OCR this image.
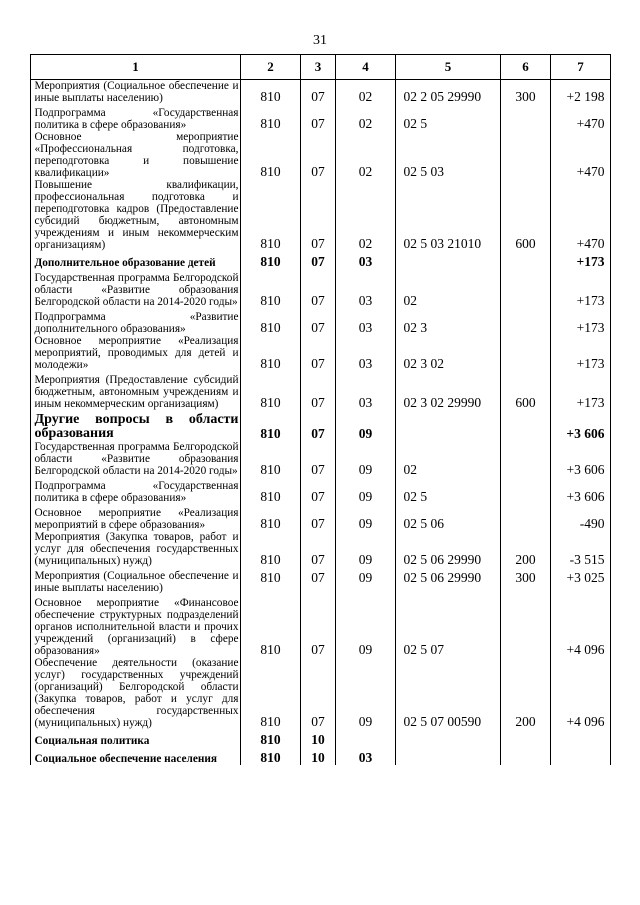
31
1	2	3	4	5	6	7

Мероприятия (Социальное обеспечение и иные выплаты населению)	810	07	02	02 2 05 29990	300	+2 198

Подпрограмма «Государственная политика в сфере образования»	810	07	02	02 5		+470

Основное мероприятие «Профессиональная подготовка, переподготовка и повышение квалификации»	810	07	02	02 5 03		+470

Повышение квалификации, профессиональная подготовка и переподготовка кадров (Предоставление субсидий бюджетным, автономным учреждениям и иным некоммерческим организациям)	810	07	02	02 5 03 21010	600	+470

Дополнительное образование детей	810	07	03			+173

Государственная программа Белгородской области «Развитие образования Белгородской области на 2014-2020 годы»	810	07	03	02		+173

Подпрограмма «Развитие дополнительного образования»	810	07	03	02 3		+173

Основное мероприятие «Реализация мероприятий, проводимых для детей и молодежи»	810	07	03	02 3 02		+173

Мероприятия (Предоставление субсидий бюджетным, автономным учреждениям и иным некоммерческим организациям)	810	07	03	02 3 02 29990	600	+173

Другие вопросы в области образования	810	07	09			+3 606

Государственная программа Белгородской области «Развитие образования Белгородской области на 2014-2020 годы»	810	07	09	02		+3 606

Подпрограмма «Государственная политика в сфере образования»	810	07	09	02 5		+3 606

Основное мероприятие «Реализация мероприятий в сфере образования»	810	07	09	02 5 06		-490

Мероприятия (Закупка товаров, работ и услуг для обеспечения государственных (муниципальных) нужд)	810	07	09	02 5 06 29990	200	-3 515

Мероприятия (Социальное обеспечение и иные выплаты населению)	810	07	09	02 5 06 29990	300	+3 025

Основное мероприятие «Финансовое обеспечение структурных подразделений органов исполнительной власти и прочих учреждений (организаций) в сфере образования»	810	07	09	02 5 07		+4 096

Обеспечение деятельности (оказание услуг) государственных учреждений (организаций) Белгородской области (Закупка товаров, работ и услуг для обеспечения государственных (муниципальных) нужд)	810	07	09	02 5 07 00590	200	+4 096

Социальная политика	810	10				

Социальное обеспечение населения	810	10	03			
